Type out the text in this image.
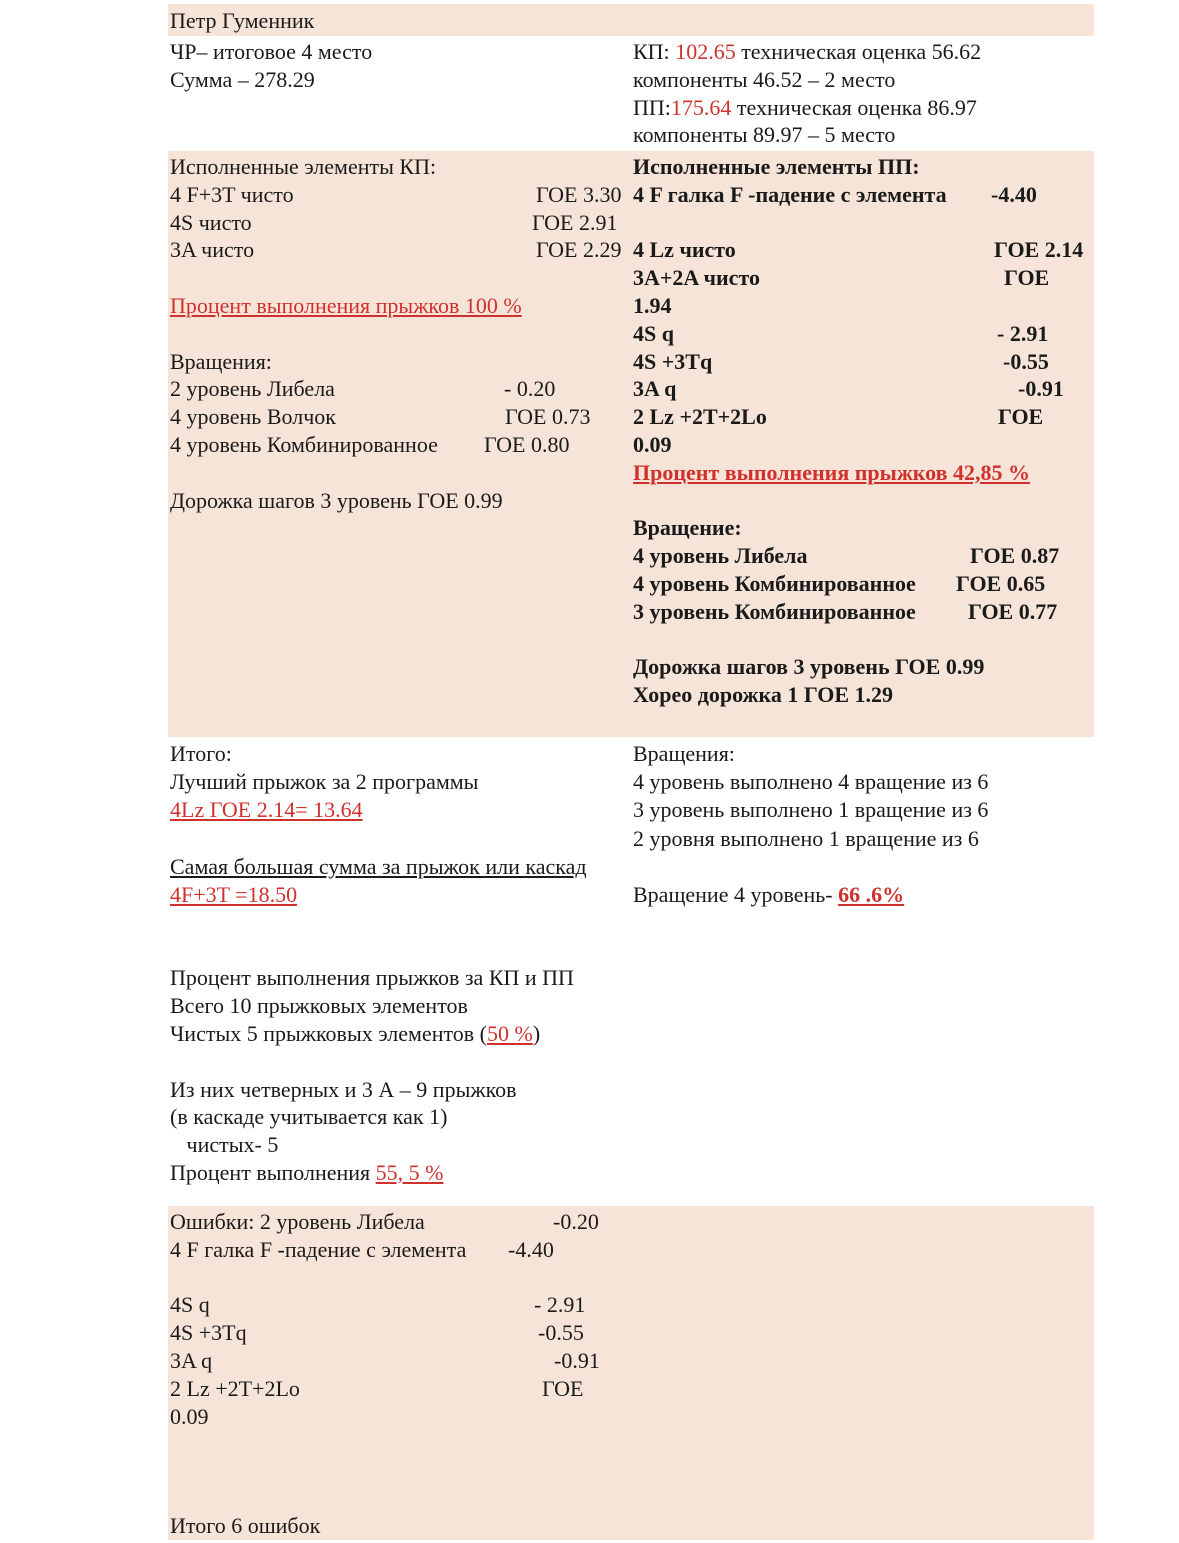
Петр Гуменник
ЧР– итоговое 4 место
Сумма – 278.29
КП: 102.65 техническая оценка 56.62
компоненты 46.52 – 2 место
ПП:175.64 техническая оценка 86.97
компоненты 89.97 – 5 место
Исполненные элементы КП:
4 F+3T чисто	ГОЕ 3.30
4S чисто	ГОЕ 2.91
3A чисто	ГОЕ 2.29
Процент выполнения прыжков 100 %
Вращения:
2 уровень Либела	- 0.20
4 уровень Волчок	ГОЕ 0.73
4 уровень Комбинированное ГОЕ 0.80
Дорожка шагов 3 уровень ГОЕ 0.99
Исполненные элементы ПП:
4 F галка F -падение с элемента -4.40
4 Lz чисто	ГОЕ 2.14
3A+2A чисто	ГОЕ
1.94
4S q	- 2.91
4S +3Tq	-0.55
3A q	-0.91
2 Lz +2T+2Lo	ГОЕ
0.09
Процент выполнения прыжков 42,85 %
Вращение:
4 уровень Либела	ГОЕ 0.87
4 уровень Комбинированное ГОЕ 0.65
3 уровень Комбинированное ГОЕ 0.77
Дорожка шагов 3 уровень ГОЕ 0.99
Хорео дорожка 1 ГОЕ 1.29
Итого:
Лучший прыжок за 2 программы
4Lz ГОЕ 2.14= 13.64
Самая большая сумма за прыжок или каскад
4F+3T =18.50
Процент выполнения прыжков за КП и ПП
Всего 10 прыжковых элементов
Чистых 5 прыжковых элементов (50 %)
Из них четверных и 3 А – 9 прыжков
(в каскаде учитывается как 1)
чистых- 5
Процент выполнения 55, 5 %
Вращения:
4 уровень выполнено 4 вращение из 6
3 уровень выполнено 1 вращение из 6
2 уровня выполнено 1 вращение из 6
Вращение 4 уровень- 66 .6%
Ошибки: 2 уровень Либела	-0.20
4 F галка F -падение с элемента -4.40
4S q	- 2.91
4S +3Tq	-0.55
3A q	-0.91
2 Lz +2T+2Lo	ГОЕ
0.09
Итого 6 ошибок
